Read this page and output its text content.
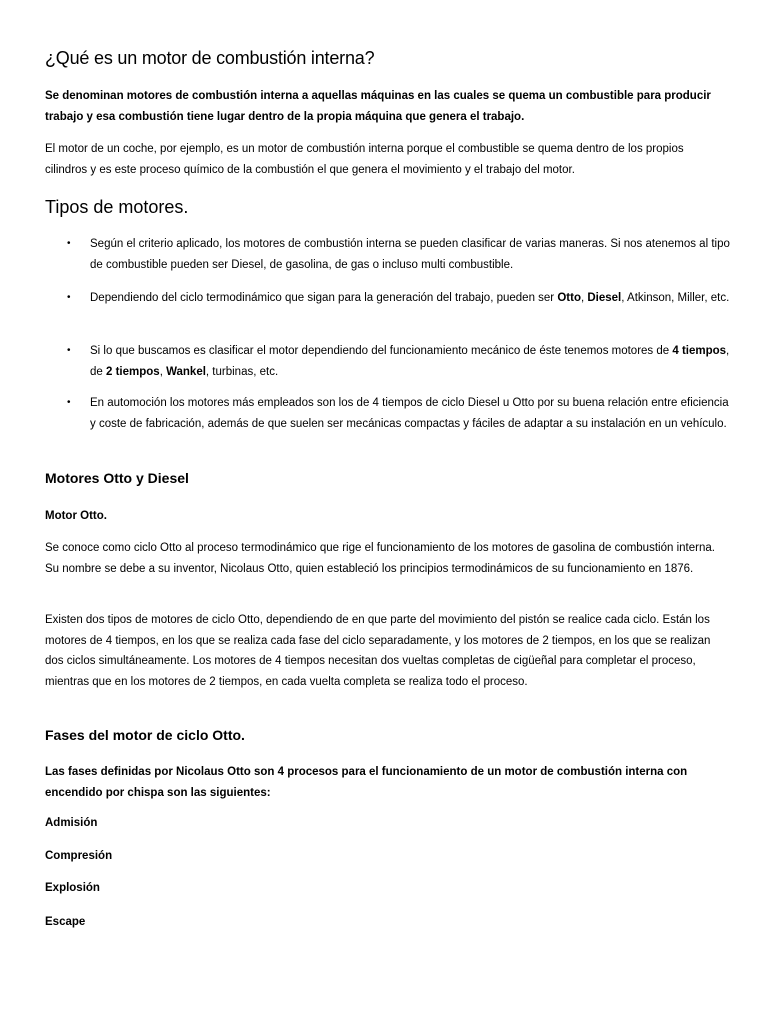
¿Qué es un motor de combustión interna?

Se denominan motores de combustión interna a aquellas máquinas en las cuales se quema un combustible para producir trabajo y esa combustión tiene lugar dentro de la propia máquina que genera el trabajo.

El motor de un coche, por ejemplo, es un motor de combustión interna porque el combustible se quema dentro de los propios cilindros y es este proceso químico de la combustión el que genera el movimiento y el trabajo del motor.

Tipos de motores.
• Según el criterio aplicado, los motores de combustión interna se pueden clasificar de varias maneras. Si nos atenemos al tipo de combustible pueden ser Diesel, de gasolina, de gas o incluso multi combustible.
• Dependiendo del ciclo termodinámico que sigan para la generación del trabajo, pueden ser Otto, Diesel, Atkinson, Miller, etc.
• Si lo que buscamos es clasificar el motor dependiendo del funcionamiento mecánico de éste tenemos motores de 4 tiempos, de 2 tiempos, Wankel, turbinas, etc.
• En automoción los motores más empleados son los de 4 tiempos de ciclo Diesel u Otto por su buena relación entre eficiencia y coste de fabricación, además de que suelen ser mecánicas compactas y fáciles de adaptar a su instalación en un vehículo.
Motores Otto y Diesel

Motor Otto.

Se conoce como ciclo Otto al proceso termodinámico que rige el funcionamiento de los motores de gasolina de combustión interna. Su nombre se debe a su inventor, Nicolaus Otto, quien estableció los principios termodinámicos de su funcionamiento en 1876.

Existen dos tipos de motores de ciclo Otto, dependiendo de en que parte del movimiento del pistón se realice cada ciclo. Están los motores de 4 tiempos, en los que se realiza cada fase del ciclo separadamente, y los motores de 2 tiempos, en los que se realizan dos ciclos simultáneamente. Los motores de 4 tiempos necesitan dos vueltas completas de cigüeñal para completar el proceso, mientras que en los motores de 2 tiempos, en cada vuelta completa se realiza todo el proceso.

Fases del motor de ciclo Otto.

Las fases definidas por Nicolaus Otto son 4 procesos para el funcionamiento de un motor de combustión interna con encendido por chispa son las siguientes:

Admisión
Compresión
Explosión
Escape
